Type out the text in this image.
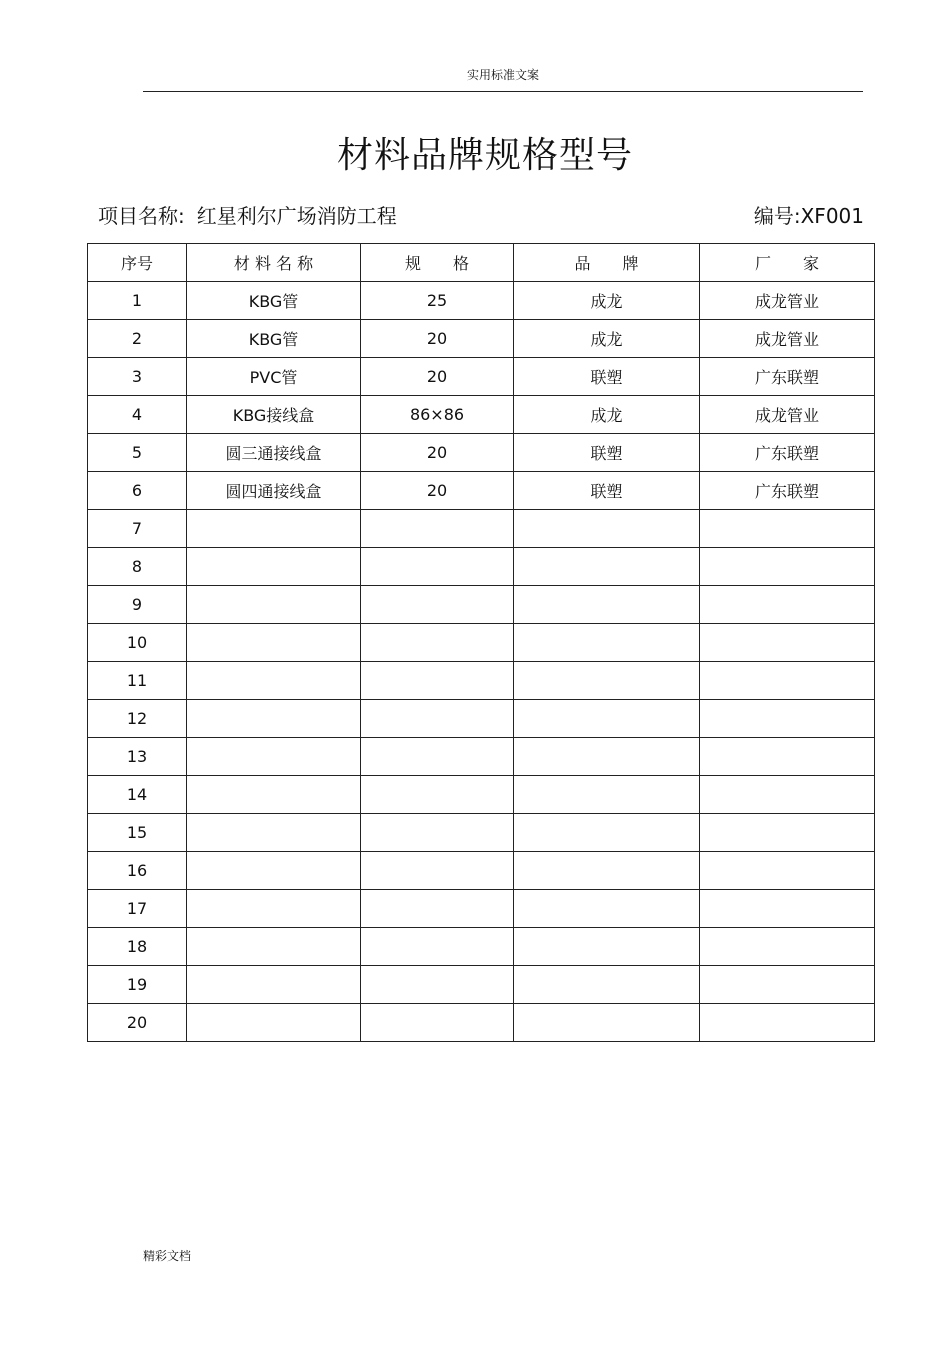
实用标准文案
材料品牌规格型号
项目名称: 红星利尔广场消防工程	编号:XF001
序号	材 料 名 称	规　　格	品　　牌	厂　　家
1	KBG管	25	成龙	成龙管业
2	KBG管	20	成龙	成龙管业
3	PVC管	20	联塑	广东联塑
4	KBG接线盒	86×86	成龙	成龙管业
5	圆三通接线盒	20	联塑	广东联塑
6	圆四通接线盒	20	联塑	广东联塑
7				
8				
9				
10				
11				
12				
13				
14				
15				
16				
17				
18				
19				
20				
精彩文档
